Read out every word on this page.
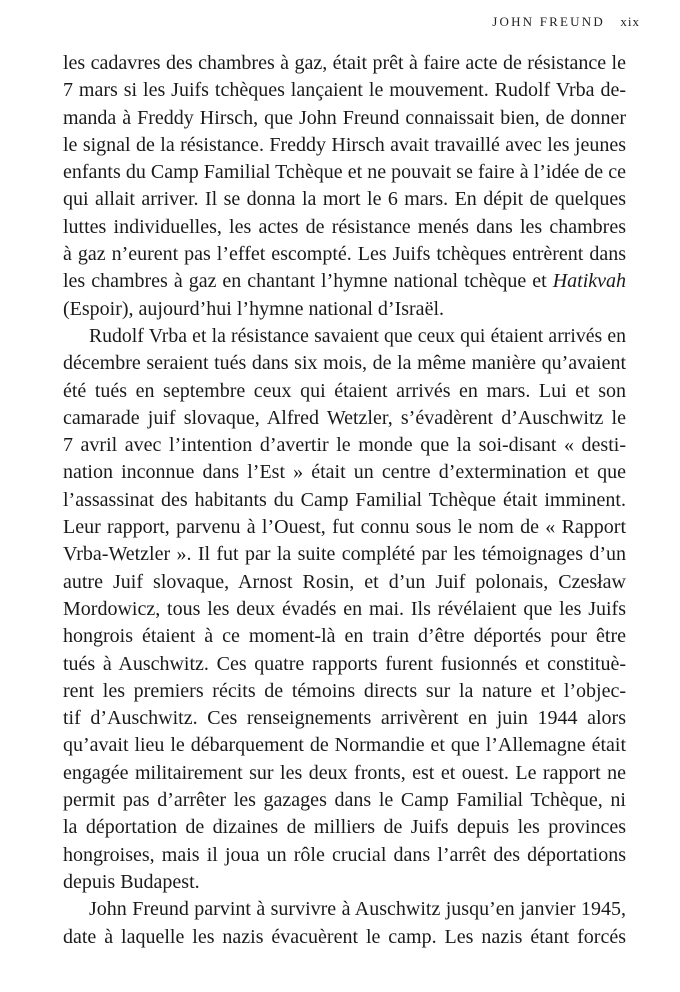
JOHN FREUND xix

les cadavres des chambres à gaz, était prêt à faire acte de résistance le
7 mars si les Juifs tchèques lançaient le mouvement. Rudolf Vrba de-
manda à Freddy Hirsch, que John Freund connaissait bien, de donner
le signal de la résistance. Freddy Hirsch avait travaillé avec les jeunes
enfants du Camp Familial Tchèque et ne pouvait se faire à l’idée de ce
qui allait arriver. Il se donna la mort le 6 mars. En dépit de quelques
luttes individuelles, les actes de résistance menés dans les chambres
à gaz n’eurent pas l’effet escompté. Les Juifs tchèques entrèrent dans
les chambres à gaz en chantant l’hymne national tchèque et Hatikvah
(Espoir), aujourd’hui l’hymne national d’Israël.

Rudolf Vrba et la résistance savaient que ceux qui étaient arrivés en
décembre seraient tués dans six mois, de la même manière qu’avaient
été tués en septembre ceux qui étaient arrivés en mars. Lui et son
camarade juif slovaque, Alfred Wetzler, s’évadèrent d’Auschwitz le
7 avril avec l’intention d’avertir le monde que la soi-disant « desti-
nation inconnue dans l’Est » était un centre d’extermination et que
l’assassinat des habitants du Camp Familial Tchèque était imminent.
Leur rapport, parvenu à l’Ouest, fut connu sous le nom de « Rapport
Vrba-Wetzler ». Il fut par la suite complété par les témoignages d’un
autre Juif slovaque, Arnost Rosin, et d’un Juif polonais, Czesław
Mordowicz, tous les deux évadés en mai. Ils révélaient que les Juifs
hongrois étaient à ce moment-là en train d’être déportés pour être
tués à Auschwitz. Ces quatre rapports furent fusionnés et constituè-
rent les premiers récits de témoins directs sur la nature et l’objec-
tif d’Auschwitz. Ces renseignements arrivèrent en juin 1944 alors
qu’avait lieu le débarquement de Normandie et que l’Allemagne était
engagée militairement sur les deux fronts, est et ouest. Le rapport ne
permit pas d’arrêter les gazages dans le Camp Familial Tchèque, ni
la déportation de dizaines de milliers de Juifs depuis les provinces
hongroises, mais il joua un rôle crucial dans l’arrêt des déportations
depuis Budapest.

John Freund parvint à survivre à Auschwitz jusqu’en janvier 1945,
date à laquelle les nazis évacuèrent le camp. Les nazis étant forcés
